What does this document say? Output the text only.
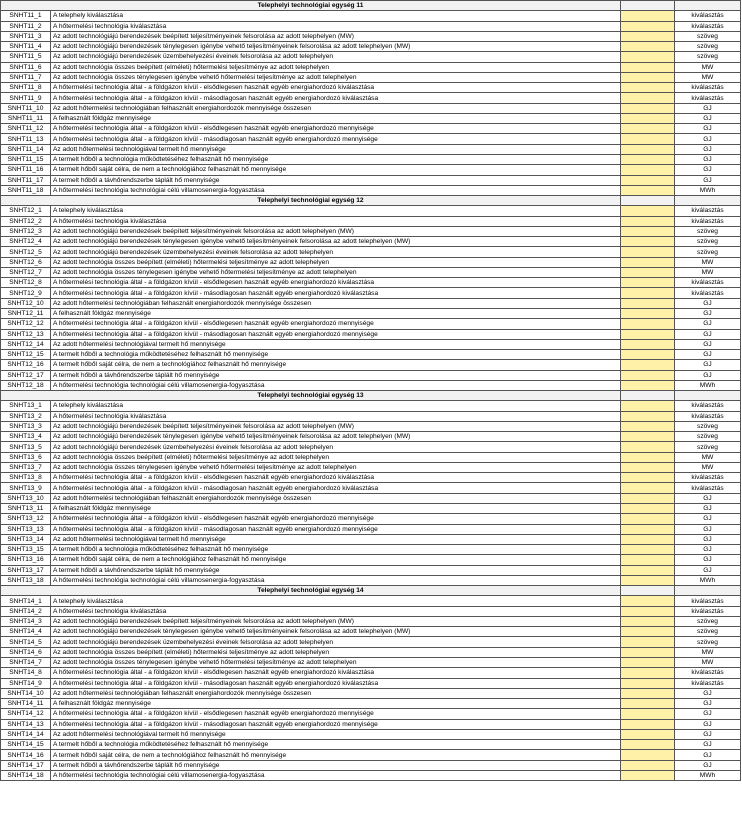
Telephelyi technológiai egység 11			
SNHT11_1	A telephely kiválasztása		kiválasztás
SNHT11_2	A hőtermelési technológia kiválasztása		kiválasztás
SNHT11_3	Az adott technológiájú berendezések beépített teljesítményeinek felsorolása az adott telephelyen (MW)		szöveg
SNHT11_4	Az adott technológiájú berendezések ténylegesen igénybe vehető teljesítményeinek felsorolása az adott telephelyen (MW)		szöveg
SNHT11_5	Az adott technológiájú berendezések üzembehelyezési éveinek felsorolása az adott telephelyen		szöveg
SNHT11_6	Az adott technológia összes beépített (elméleti) hőtermelési teljesítménye az adott telephelyen		MW
SNHT11_7	Az adott technológia összes ténylegesen igénybe vehető hőtermelési teljesítménye az adott telephelyen		MW
SNHT11_8	A hőtermelési technológia által - a földgázon kívül - elsődlegesen használt egyéb energiahordozó kiválasztása		kiválasztás
SNHT11_9	A hőtermelési technológia által - a földgázon kívül - másodlagosan használt egyéb energiahordozó kiválasztása		kiválasztás
SNHT11_10	Az adott hőtermelési technológiában felhasznált energiahordozók mennyisége összesen		GJ
SNHT11_11	A felhasznált földgáz mennyisége		GJ
SNHT11_12	A hőtermelési technológia által - a földgázon kívül - elsődlegesen használt egyéb energiahordozó mennyisége		GJ
SNHT11_13	A hőtermelési technológia által - a földgázon kívül - másodlagosan használt egyéb energiahordozó mennyisége		GJ
SNHT11_14	Az adott hőtermelési technológiával termelt hő mennyisége		GJ
SNHT11_15	A termelt hőből a technológia működtetéséhez felhasznált hő mennyisége		GJ
SNHT11_16	A termelt hőből saját célra, de nem a technológiához felhasznált hő mennyisége		GJ
SNHT11_17	A termelt hőből a távhőrendszerbe táplált hő mennyisége		GJ
SNHT11_18	A hőtermelési technológia technológiai célú villamosenergia-fogyasztása		MWh
Telephelyi technológiai egység 12			
SNHT12_1	A telephely kiválasztása		kiválasztás
SNHT12_2	A hőtermelési technológia kiválasztása		kiválasztás
SNHT12_3	Az adott technológiájú berendezések beépített teljesítményeinek felsorolása az adott telephelyen (MW)		szöveg
SNHT12_4	Az adott technológiájú berendezések ténylegesen igénybe vehető teljesítményeinek felsorolása az adott telephelyen (MW)		szöveg
SNHT12_5	Az adott technológiájú berendezések üzembehelyezési éveinek felsorolása az adott telephelyen		szöveg
SNHT12_6	Az adott technológia összes beépített (elméleti) hőtermelési teljesítménye az adott telephelyen		MW
SNHT12_7	Az adott technológia összes ténylegesen igénybe vehető hőtermelési teljesítménye az adott telephelyen		MW
SNHT12_8	A hőtermelési technológia által - a földgázon kívül - elsődlegesen használt egyéb energiahordozó kiválasztása		kiválasztás
SNHT12_9	A hőtermelési technológia által - a földgázon kívül - másodlagosan használt egyéb energiahordozó kiválasztása		kiválasztás
SNHT12_10	Az adott hőtermelési technológiában felhasznált energiahordozók mennyisége összesen		GJ
SNHT12_11	A felhasznált földgáz mennyisége		GJ
SNHT12_12	A hőtermelési technológia által - a földgázon kívül - elsődlegesen használt egyéb energiahordozó mennyisége		GJ
SNHT12_13	A hőtermelési technológia által - a földgázon kívül - másodlagosan használt egyéb energiahordozó mennyisége		GJ
SNHT12_14	Az adott hőtermelési technológiával termelt hő mennyisége		GJ
SNHT12_15	A termelt hőből a technológia működtetéséhez felhasznált hő mennyisége		GJ
SNHT12_16	A termelt hőből saját célra, de nem a technológiához felhasznált hő mennyisége		GJ
SNHT12_17	A termelt hőből a távhőrendszerbe táplált hő mennyisége		GJ
SNHT12_18	A hőtermelési technológia technológiai célú villamosenergia-fogyasztása		MWh
Telephelyi technológiai egység 13			
SNHT13_1	A telephely kiválasztása		kiválasztás
SNHT13_2	A hőtermelési technológia kiválasztása		kiválasztás
SNHT13_3	Az adott technológiájú berendezések beépített teljesítményeinek felsorolása az adott telephelyen (MW)		szöveg
SNHT13_4	Az adott technológiájú berendezések ténylegesen igénybe vehető teljesítményeinek felsorolása az adott telephelyen (MW)		szöveg
SNHT13_5	Az adott technológiájú berendezések üzembehelyezési éveinek felsorolása az adott telephelyen		szöveg
SNHT13_6	Az adott technológia összes beépített (elméleti) hőtermelési teljesítménye az adott telephelyen		MW
SNHT13_7	Az adott technológia összes ténylegesen igénybe vehető hőtermelési teljesítménye az adott telephelyen		MW
SNHT13_8	A hőtermelési technológia által - a földgázon kívül - elsődlegesen használt egyéb energiahordozó kiválasztása		kiválasztás
SNHT13_9	A hőtermelési technológia által - a földgázon kívül - másodlagosan használt egyéb energiahordozó kiválasztása		kiválasztás
SNHT13_10	Az adott hőtermelési technológiában felhasznált energiahordozók mennyisége összesen		GJ
SNHT13_11	A felhasznált földgáz mennyisége		GJ
SNHT13_12	A hőtermelési technológia által - a földgázon kívül - elsődlegesen használt egyéb energiahordozó mennyisége		GJ
SNHT13_13	A hőtermelési technológia által - a földgázon kívül - másodlagosan használt egyéb energiahordozó mennyisége		GJ
SNHT13_14	Az adott hőtermelési technológiával termelt hő mennyisége		GJ
SNHT13_15	A termelt hőből a technológia működtetéséhez felhasznált hő mennyisége		GJ
SNHT13_16	A termelt hőből saját célra, de nem a technológiához felhasznált hő mennyisége		GJ
SNHT13_17	A termelt hőből a távhőrendszerbe táplált hő mennyisége		GJ
SNHT13_18	A hőtermelési technológia technológiai célú villamosenergia-fogyasztása		MWh
Telephelyi technológiai egység 14			
SNHT14_1	A telephely kiválasztása		kiválasztás
SNHT14_2	A hőtermelési technológia kiválasztása		kiválasztás
SNHT14_3	Az adott technológiájú berendezések beépített teljesítményeinek felsorolása az adott telephelyen (MW)		szöveg
SNHT14_4	Az adott technológiájú berendezések ténylegesen igénybe vehető teljesítményeinek felsorolása az adott telephelyen (MW)		szöveg
SNHT14_5	Az adott technológiájú berendezések üzembehelyezési éveinek felsorolása az adott telephelyen		szöveg
SNHT14_6	Az adott technológia összes beépített (elméleti) hőtermelési teljesítménye az adott telephelyen		MW
SNHT14_7	Az adott technológia összes ténylegesen igénybe vehető hőtermelési teljesítménye az adott telephelyen		MW
SNHT14_8	A hőtermelési technológia által - a földgázon kívül - elsődlegesen használt egyéb energiahordozó kiválasztása		kiválasztás
SNHT14_9	A hőtermelési technológia által - a földgázon kívül - másodlagosan használt egyéb energiahordozó kiválasztása		kiválasztás
SNHT14_10	Az adott hőtermelési technológiában felhasznált energiahordozók mennyisége összesen		GJ
SNHT14_11	A felhasznált földgáz mennyisége		GJ
SNHT14_12	A hőtermelési technológia által - a földgázon kívül - elsődlegesen használt egyéb energiahordozó mennyisége		GJ
SNHT14_13	A hőtermelési technológia által - a földgázon kívül - másodlagosan használt egyéb energiahordozó mennyisége		GJ
SNHT14_14	Az adott hőtermelési technológiával termelt hő mennyisége		GJ
SNHT14_15	A termelt hőből a technológia működtetéséhez felhasznált hő mennyisége		GJ
SNHT14_16	A termelt hőből saját célra, de nem a technológiához felhasznált hő mennyisége		GJ
SNHT14_17	A termelt hőből a távhőrendszerbe táplált hő mennyisége		GJ
SNHT14_18	A hőtermelési technológia technológiai célú villamosenergia-fogyasztása		MWh
